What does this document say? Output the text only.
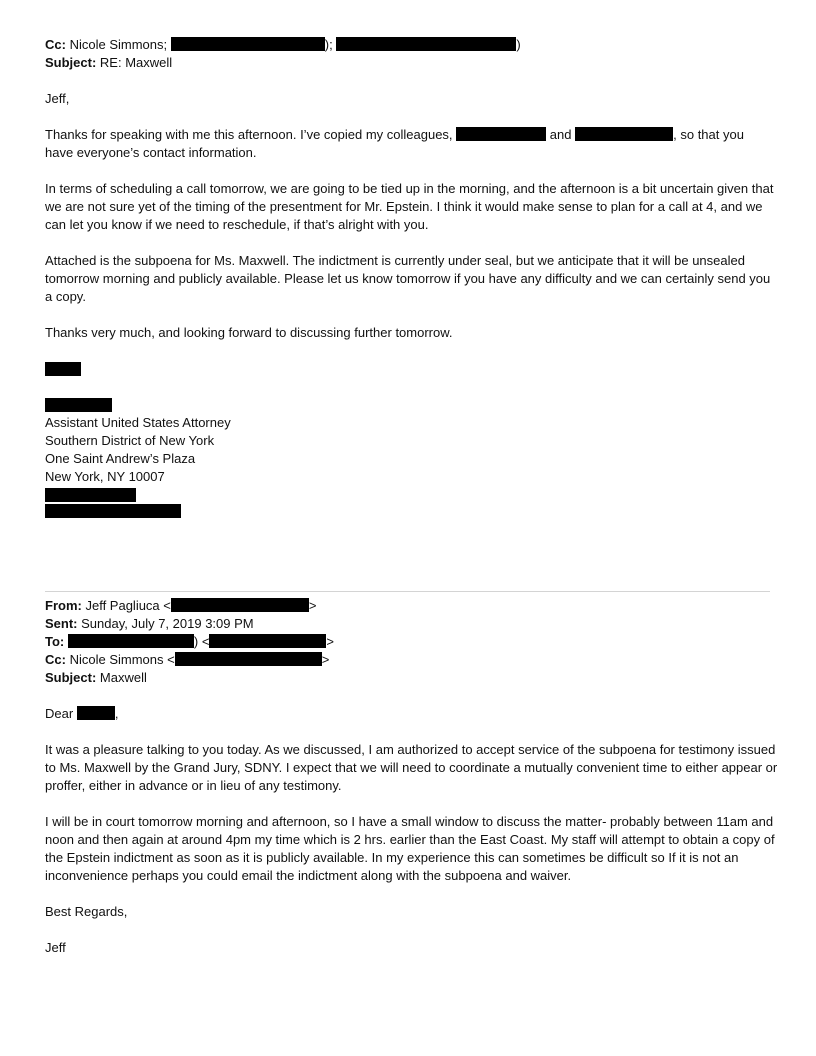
Cc: Nicole Simmons;	);	)
Subject: RE: Maxwell
Jeff,
Thanks for speaking with me this afternoon. I’ve copied my colleagues,	and	, so that you
have everyone’s contact information.
In terms of scheduling a call tomorrow, we are going to be tied up in the morning, and the afternoon is a bit uncertain given that we are not sure yet of the timing of the presentment for Mr. Epstein. I think it would make sense to plan for a call at 4, and we can let you know if we need to reschedule, if that’s alright with you.
Attached is the subpoena for Ms. Maxwell. The indictment is currently under seal, but we anticipate that it will be unsealed tomorrow morning and publicly available. Please let us know tomorrow if you have any difficulty and we can certainly send you a copy.
Thanks very much, and looking forward to discussing further tomorrow.
Assistant United States Attorney
Southern District of New York
One Saint Andrew’s Plaza
New York, NY 10007
From: Jeff Pagliuca <	>
Sent: Sunday, July 7, 2019 3:09 PM
To:	) <	>
Cc: Nicole Simmons <	>
Subject: Maxwell
Dear	,
It was a pleasure talking to you today. As we discussed, I am authorized to accept service of the subpoena for testimony issued to Ms. Maxwell by the Grand Jury, SDNY. I expect that we will need to coordinate a mutually convenient time to either appear or proffer, either in advance or in lieu of any testimony.
I will be in court tomorrow morning and afternoon, so I have a small window to discuss the matter- probably between 11am and noon and then again at around 4pm my time which is 2 hrs. earlier than the East Coast. My staff will attempt to obtain a copy of the Epstein indictment as soon as it is publicly available. In my experience this can sometimes be difficult so If it is not an inconvenience perhaps you could email the indictment along with the subpoena and waiver.
Best Regards,
Jeff
